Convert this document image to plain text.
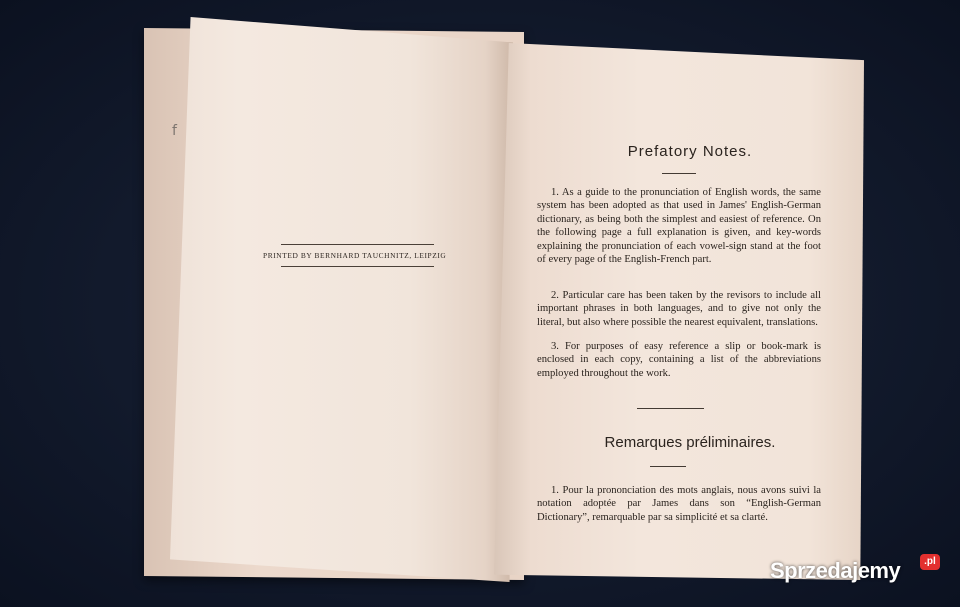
f
PRINTED BY BERNHARD TAUCHNITZ, LEIPZIG
Prefatory Notes.
1. As a guide to the pronunciation of English words, the same system has been adopted as that used in James' English-German dictionary, as being both the simplest and easiest of reference. On the following page a full explanation is given, and key-words explaining the pronunciation of each vowel-sign stand at the foot of every page of the English-French part.
2. Particular care has been taken by the revisors to include all important phrases in both languages, and to give not only the literal, but also where possible the nearest equivalent, translations.
3. For purposes of easy reference a slip or book-mark is enclosed in each copy, containing a list of the abbreviations employed throughout the work.
Remarques préliminaires.
1. Pour la prononciation des mots anglais, nous avons suivi la notation adoptée par James dans son “English-German Dictionary”, remarquable par sa simplicité et sa clarté.
Sprzedajemy	.pl
